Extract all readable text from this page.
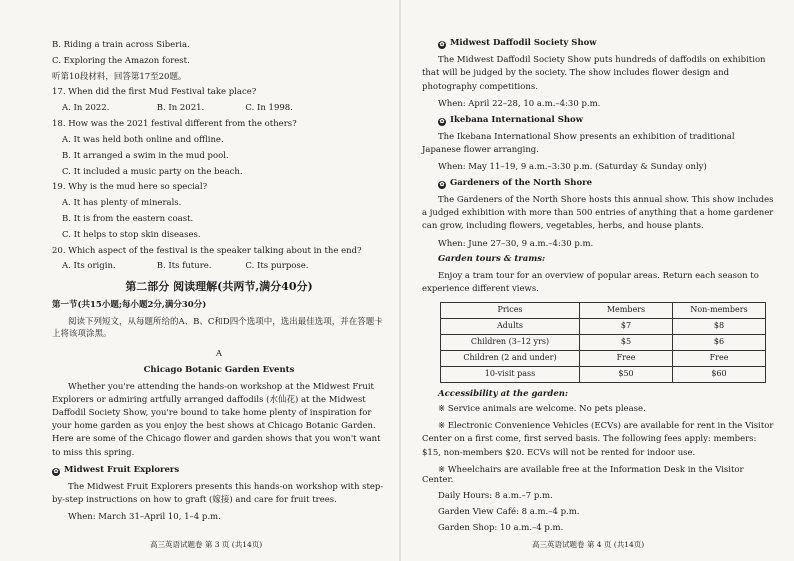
B. Riding a train across Siberia.

C. Exploring the Amazon forest.

听第10段材料，回答第17至20题。

17. When did the first Mud Festival take place?

A. In 2022.	B. In 2021.	C. In 1998.

18. How was the 2021 festival different from the others?

A. It was held both online and offline.

B. It arranged a swim in the mud pool.

C. It included a music party on the beach.

19. Why is the mud here so special?

A. It has plenty of minerals.

B. It is from the eastern coast.

C. It helps to stop skin diseases.

20. Which aspect of the festival is the speaker talking about in the end?

A. Its origin.	B. Its future.	C. Its purpose.

第二部分 阅读理解(共两节,满分40分)

第一节(共15小题;每小题2分,满分30分)

阅读下列短文，从每题所给的A、B、C和D四个选项中，选出最佳选项，并在答题卡上将该项涂黑。

A

Chicago Botanic Garden Events

Whether you're attending the hands-on workshop at the Midwest Fruit Explorers or admiring artfully arranged daffodils (水仙花) at the Midwest Daffodil Society Show, you're bound to take home plenty of inspiration for your home garden as you enjoy the best shows at Chicago Botanic Garden. Here are some of the Chicago flower and garden shows that you won't want to miss this spring.

✿ Midwest Fruit Explorers

The Midwest Fruit Explorers presents this hands-on workshop with step-by-step instructions on how to graft (嫁接) and care for fruit trees.

When: March 31–April 10, 1–4 p.m.

高三英语试题卷 第 3 页 (共14页)

✿ Midwest Daffodil Society Show

The Midwest Daffodil Society Show puts hundreds of daffodils on exhibition that will be judged by the society. The show includes flower design and photography competitions.

When: April 22–28, 10 a.m.–4:30 p.m.

✿ Ikebana International Show

The Ikebana International Show presents an exhibition of traditional Japanese flower arranging.

When: May 11–19, 9 a.m.–3:30 p.m. (Saturday & Sunday only)

✿ Gardeners of the North Shore

The Gardeners of the North Shore hosts this annual show. This show includes a judged exhibition with more than 500 entries of anything that a home gardener can grow, including flowers, vegetables, herbs, and house plants.

When: June 27–30, 9 a.m.–4:30 p.m.

Garden tours & trams:

Enjoy a tram tour for an overview of popular areas. Return each season to experience different views.

Prices	Members	Non-members
Adults	$7	$8
Children (3–12 yrs)	$5	$6
Children (2 and under)	Free	Free
10-visit pass	$50	$60

Accessibility at the garden:

※ Service animals are welcome. No pets please.

※ Electronic Convenience Vehicles (ECVs) are available for rent in the Visitor Center on a first come, first served basis. The following fees apply: members: $15, non-members $20. ECVs will not be rented for indoor use.

※ Wheelchairs are available free at the Information Desk in the Visitor Center.

Daily Hours: 8 a.m.–7 p.m.

Garden View Café: 8 a.m.–4 p.m.

Garden Shop: 10 a.m.–4 p.m.

高三英语试题卷 第 4 页 (共14页)
